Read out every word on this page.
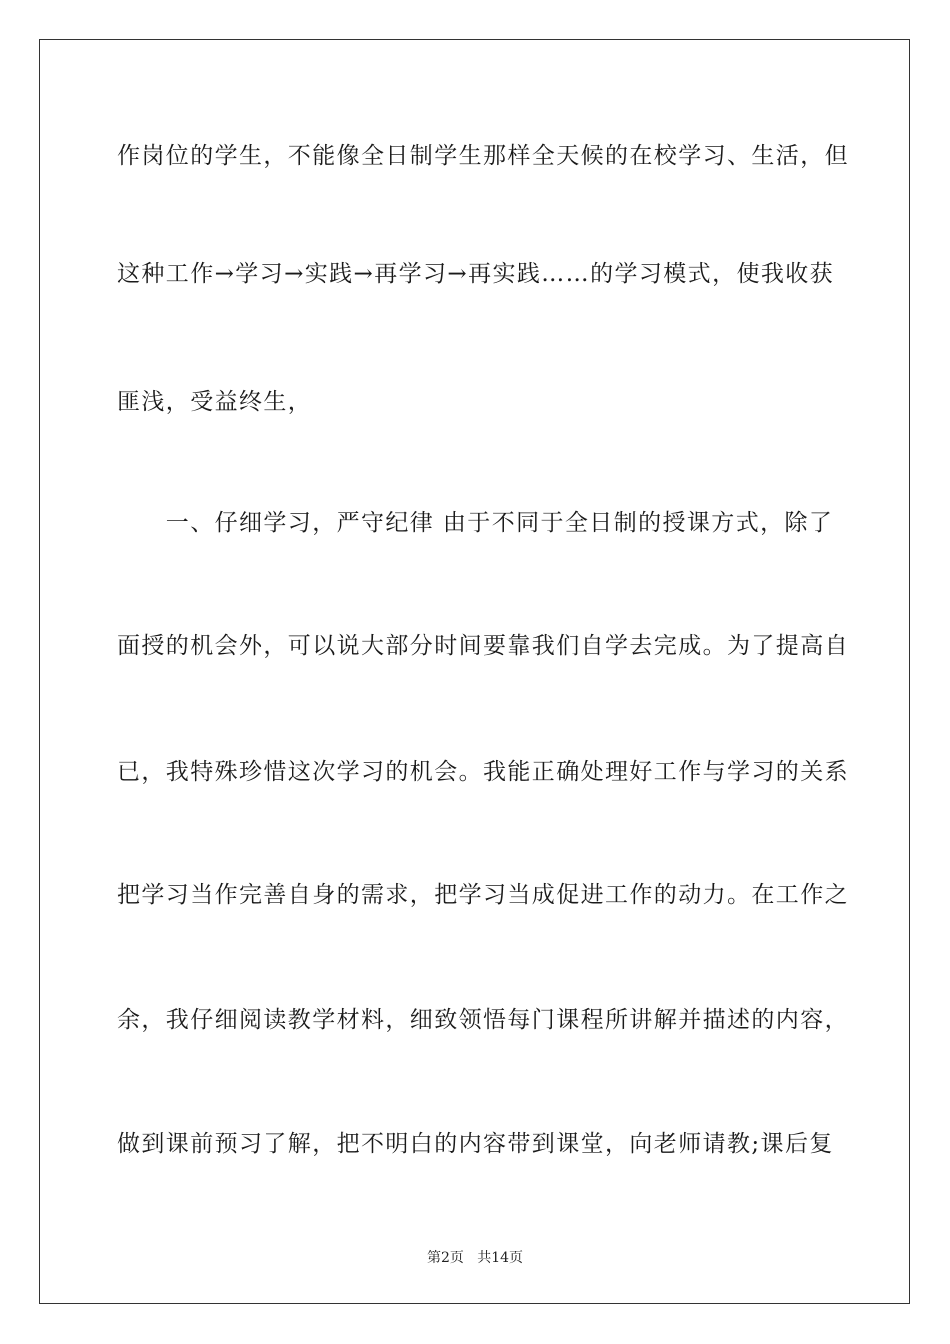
作岗位的学生，不能像全日制学生那样全天候的在校学习、生活，但
这种工作→学习→实践→再学习→再实践……的学习模式，使我收获
匪浅，受益终生，
　　一、仔细学习，严守纪律 由于不同于全日制的授课方式，除了
面授的机会外，可以说大部分时间要靠我们自学去完成。为了提高自
已，我特殊珍惜这次学习的机会。我能正确处理好工作与学习的关系
把学习当作完善自身的需求，把学习当成促进工作的动力。在工作之
余，我仔细阅读教学材料，细致领悟每门课程所讲解并描述的内容，
做到课前预习了解，把不明白的内容带到课堂，向老师请教;课后复
第2页   共14页
